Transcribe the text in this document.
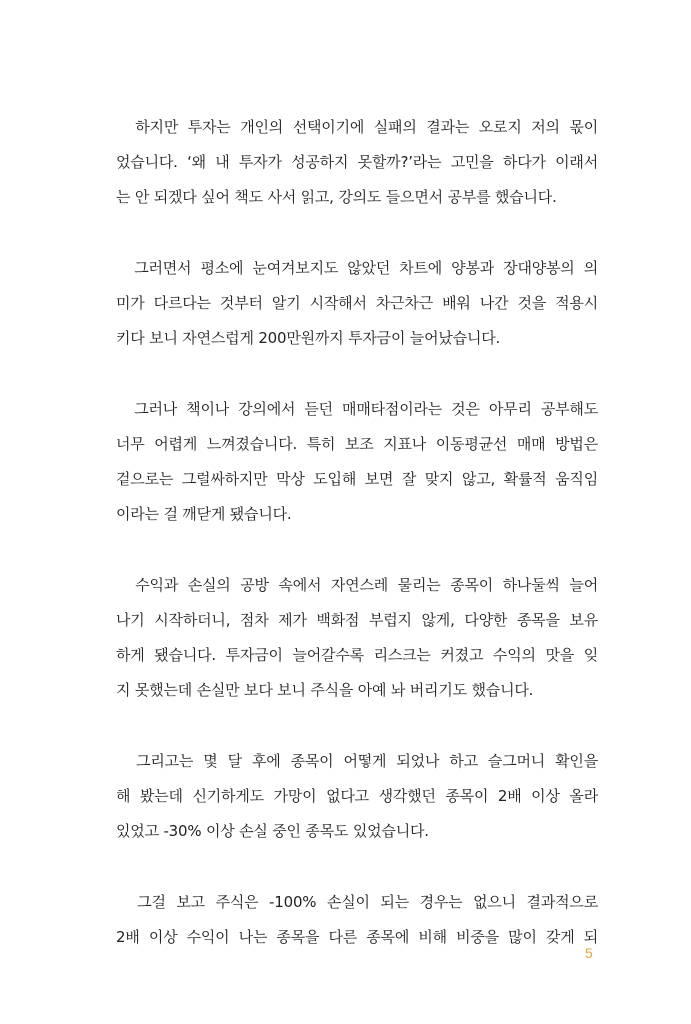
하지만 투자는 개인의 선택이기에 실패의 결과는 오로지 저의 몫이
었습니다. ‘왜 내 투자가 성공하지 못할까?’라는 고민을 하다가 이래서
는 안 되겠다 싶어 책도 사서 읽고, 강의도 들으면서 공부를 했습니다.

그러면서 평소에 눈여겨보지도 않았던 차트에 양봉과 장대양봉의 의
미가 다르다는 것부터 알기 시작해서 차근차근 배워 나간 것을 적용시
키다 보니 자연스럽게 200만원까지 투자금이 늘어났습니다.

그러나 책이나 강의에서 듣던 매매타점이라는 것은 아무리 공부해도
너무 어렵게 느껴졌습니다. 특히 보조 지표나 이동평균선 매매 방법은
겉으로는 그럴싸하지만 막상 도입해 보면 잘 맞지 않고, 확률적 움직임
이라는 걸 깨닫게 됐습니다.

수익과 손실의 공방 속에서 자연스레 물리는 종목이 하나둘씩 늘어
나기 시작하더니, 점차 제가 백화점 부럽지 않게, 다양한 종목을 보유
하게 됐습니다. 투자금이 늘어갈수록 리스크는 커졌고 수익의 맛을 잊
지 못했는데 손실만 보다 보니 주식을 아예 놔 버리기도 했습니다.

그리고는 몇 달 후에 종목이 어떻게 되었나 하고 슬그머니 확인을
해 봤는데 신기하게도 가망이 없다고 생각했던 종목이 2배 이상 올라
있었고 -30% 이상 손실 중인 종목도 있었습니다.

그걸 보고 주식은 -100% 손실이 되는 경우는 없으니 결과적으로
2배 이상 수익이 나는 종목을 다른 종목에 비해 비중을 많이 갖게 되

5
